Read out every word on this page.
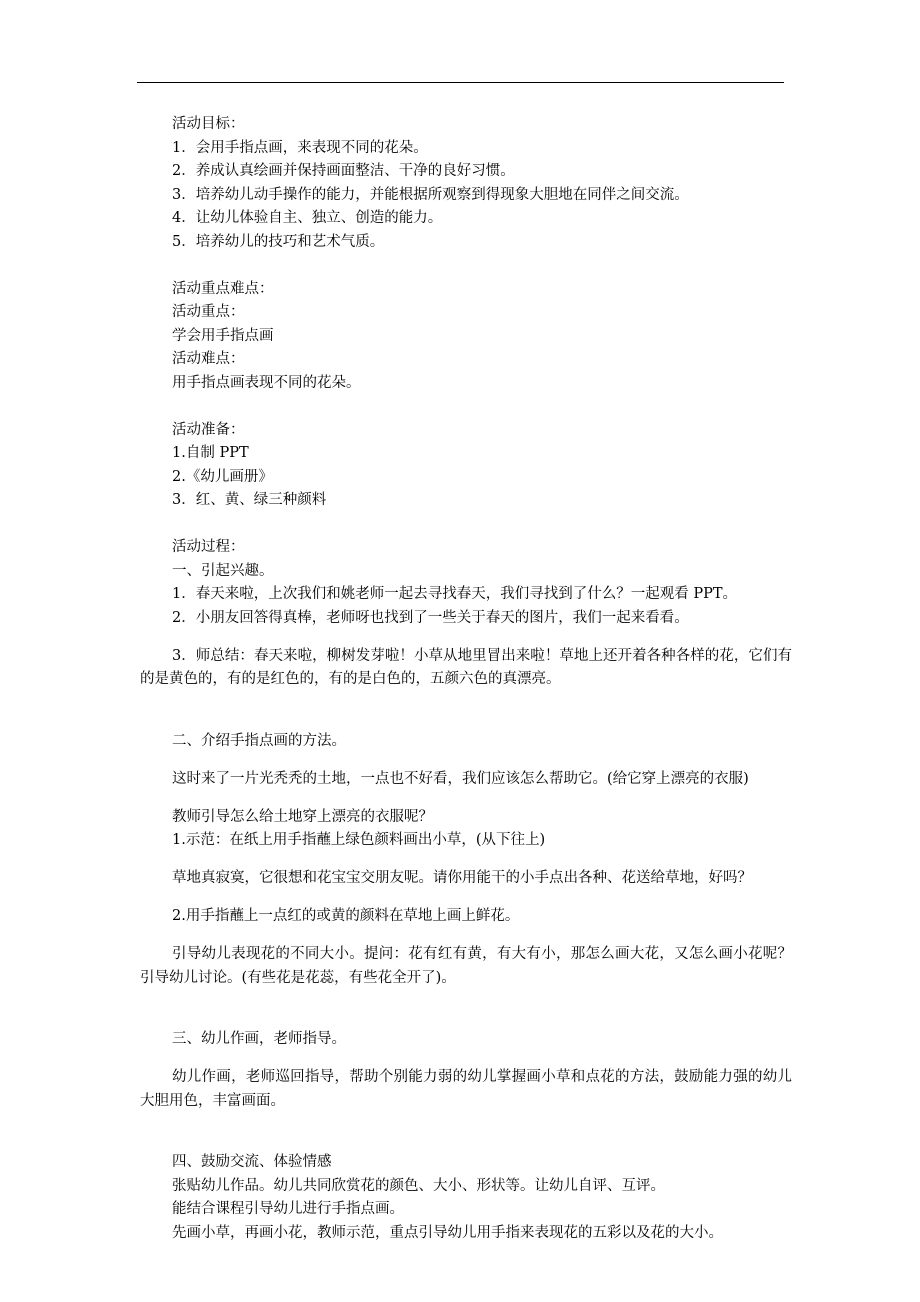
活动目标：

1．会用手指点画，来表现不同的花朵。

2．养成认真绘画并保持画面整洁、干净的良好习惯。

3．培养幼儿动手操作的能力，并能根据所观察到得现象大胆地在同伴之间交流。

4．让幼儿体验自主、独立、创造的能力。

5．培养幼儿的技巧和艺术气质。

活动重点难点：

活动重点：

学会用手指点画

活动难点：

用手指点画表现不同的花朵。

活动准备：

1.自制 PPT

2.《幼儿画册》

3．红、黄、绿三种颜料

活动过程：

一、引起兴趣。

1．春天来啦，上次我们和姚老师一起去寻找春天，我们寻找到了什么？一起观看 PPT。

2．小朋友回答得真棒，老师呀也找到了一些关于春天的图片，我们一起来看看。

3．师总结：春天来啦，柳树发芽啦！小草从地里冒出来啦！草地上还开着各种各样的花，它们有的是黄色的，有的是红色的，有的是白色的，五颜六色的真漂亮。

二、介绍手指点画的方法。

这时来了一片光秃秃的土地，一点也不好看，我们应该怎么帮助它。(给它穿上漂亮的衣服)

教师引导怎么给土地穿上漂亮的衣服呢？

1.示范：在纸上用手指蘸上绿色颜料画出小草，(从下往上)

草地真寂寞，它很想和花宝宝交朋友呢。请你用能干的小手点出各种、花送给草地，好吗？

2.用手指蘸上一点红的或黄的颜料在草地上画上鲜花。

引导幼儿表现花的不同大小。提问：花有红有黄，有大有小，那怎么画大花，又怎么画小花呢？引导幼儿讨论。(有些花是花蕊，有些花全开了)。

三、幼儿作画，老师指导。

幼儿作画，老师巡回指导，帮助个别能力弱的幼儿掌握画小草和点花的方法，鼓励能力强的幼儿大胆用色，丰富画面。

四、鼓励交流、体验情感

张贴幼儿作品。幼儿共同欣赏花的颜色、大小、形状等。让幼儿自评、互评。

能结合课程引导幼儿进行手指点画。

先画小草，再画小花，教师示范，重点引导幼儿用手指来表现花的五彩以及花的大小。
